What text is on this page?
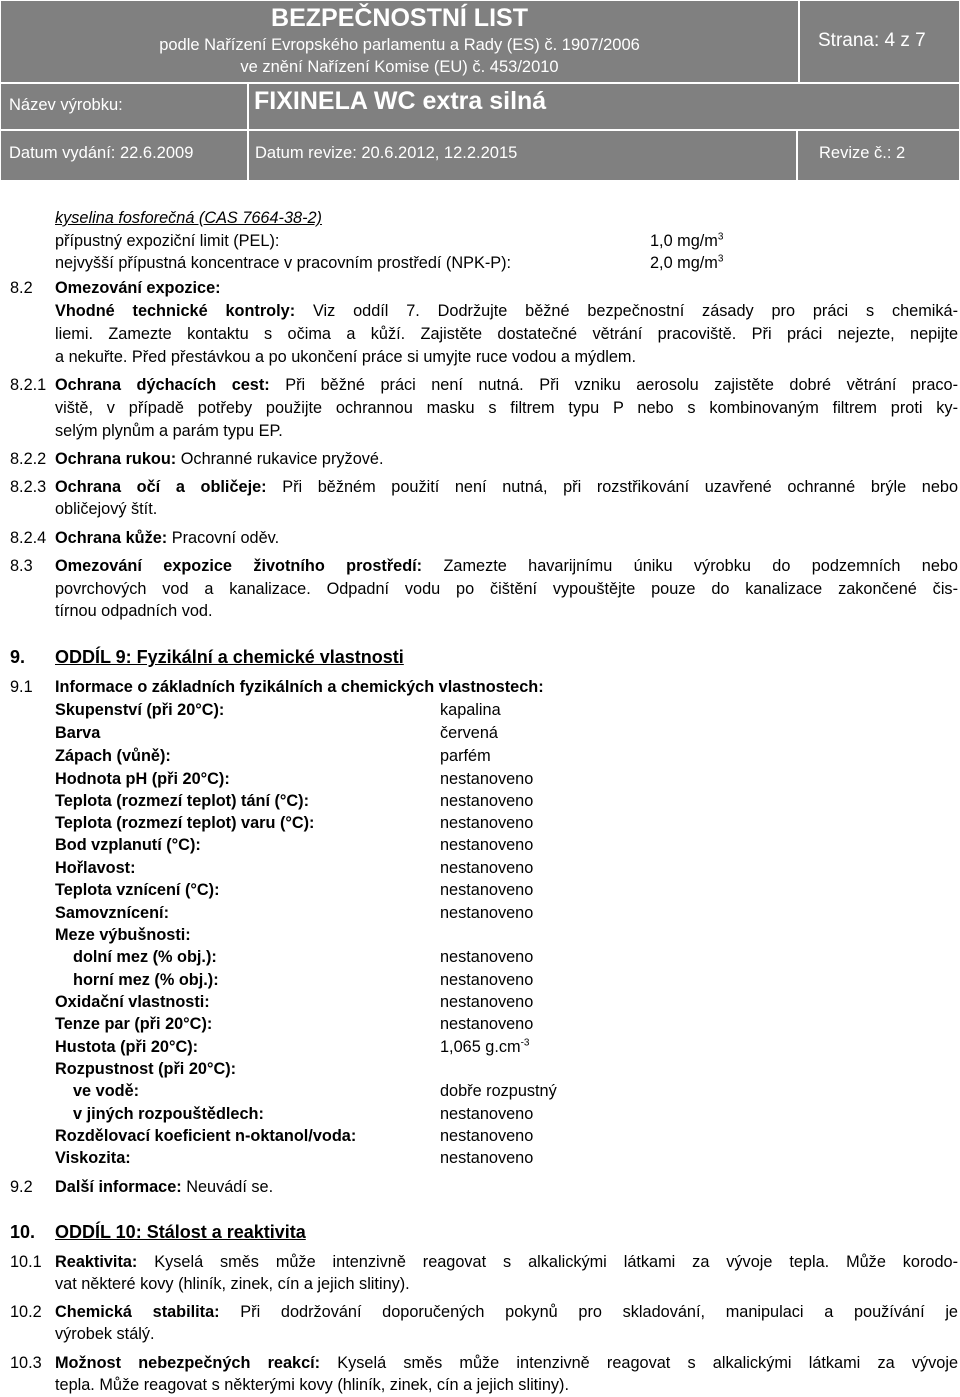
BEZPEČNOSTNÍ LIST
podle Nařízení Evropského parlamentu a Rady (ES) č. 1907/2006
ve znění Nařízení Komise (EU) č. 453/2010
Strana: 4 z 7
Název výrobku:	FIXINELA WC extra silná
Datum vydání: 22.6.2009	Datum revize: 20.6.2012, 12.2.2015	Revize č.: 2
kyselina fosforečná (CAS 7664-38-2)
přípustný expoziční limit (PEL):	1,0 $mg/m^3$
nejvyšší přípustná koncentrace v pracovním prostředí (NPK-P):	2,0 $mg/m^3$
8.2 Omezování expozice:
Vhodné technické kontroly: Viz oddíl 7. Dodržujte běžné bezpečnostní zásady pro práci s chemiká-
liemi. Zamezte kontaktu s očima a kůží. Zajistěte dostatečné větrání pracoviště. Při práci nejezte, nepijte
a nekuřte. Před přestávkou a po ukončení práce si umyjte ruce vodou a mýdlem.
8.2.1 Ochrana dýchacích cest: Při běžné práci není nutná. Při vzniku aerosolu zajistěte dobré větrání praco-
viště, v případě potřeby použijte ochrannou masku s filtrem typu P nebo s kombinovaným filtrem proti ky-
selým plynům a parám typu EP.
8.2.2 Ochrana rukou: Ochranné rukavice pryžové.
8.2.3 Ochrana očí a obličeje: Při běžném použití není nutná, při rozstřikování uzavřené ochranné brýle nebo
obličejový štít.
8.2.4 Ochrana kůže: Pracovní oděv.
8.3 Omezování expozice životního prostředí: Zamezte havarijnímu úniku výrobku do podzemních nebo
povrchových vod a kanalizace. Odpadní vodu po čištění vypouštějte pouze do kanalizace zakončené čis-
tírnou odpadních vod.
9. ODDÍL 9: Fyzikální a chemické vlastnosti
9.1 Informace o základních fyzikálních a chemických vlastnostech:
Skupenství (při 20°C):	kapalina
Barva	červená
Zápach (vůně):	parfém
Hodnota pH (při 20°C):	nestanoveno
Teplota (rozmezí teplot) tání (°C):	nestanoveno
Teplota (rozmezí teplot) varu (°C):	nestanoveno
Bod vzplanutí (°C):	nestanoveno
Hořlavost:	nestanoveno
Teplota vznícení (°C):	nestanoveno
Samovznícení:	nestanoveno
Meze výbušnosti:
dolní mez (% obj.):	nestanoveno
horní mez (% obj.):	nestanoveno
Oxidační vlastnosti:	nestanoveno
Tenze par (při 20°C):	nestanoveno
Hustota (při 20°C):	1,065 $g.cm^{-3}$
Rozpustnost (při 20°C):
ve vodě:	dobře rozpustný
v jiných rozpouštědlech:	nestanoveno
Rozdělovací koeficient n-oktanol/voda:	nestanoveno
Viskozita:	nestanoveno
9.2 Další informace: Neuvádí se.
10. ODDÍL 10: Stálost a reaktivita
10.1 Reaktivita: Kyselá směs může intenzivně reagovat s alkalickými látkami za vývoje tepla. Může korodo-
vat některé kovy (hliník, zinek, cín a jejich slitiny).
10.2 Chemická stabilita: Při dodržování doporučených pokynů pro skladování, manipulaci a používání je
výrobek stálý.
10.3 Možnost nebezpečných reakcí: Kyselá směs může intenzivně reagovat s alkalickými látkami za vývoje
tepla. Může reagovat s některými kovy (hliník, zinek, cín a jejich slitiny).
